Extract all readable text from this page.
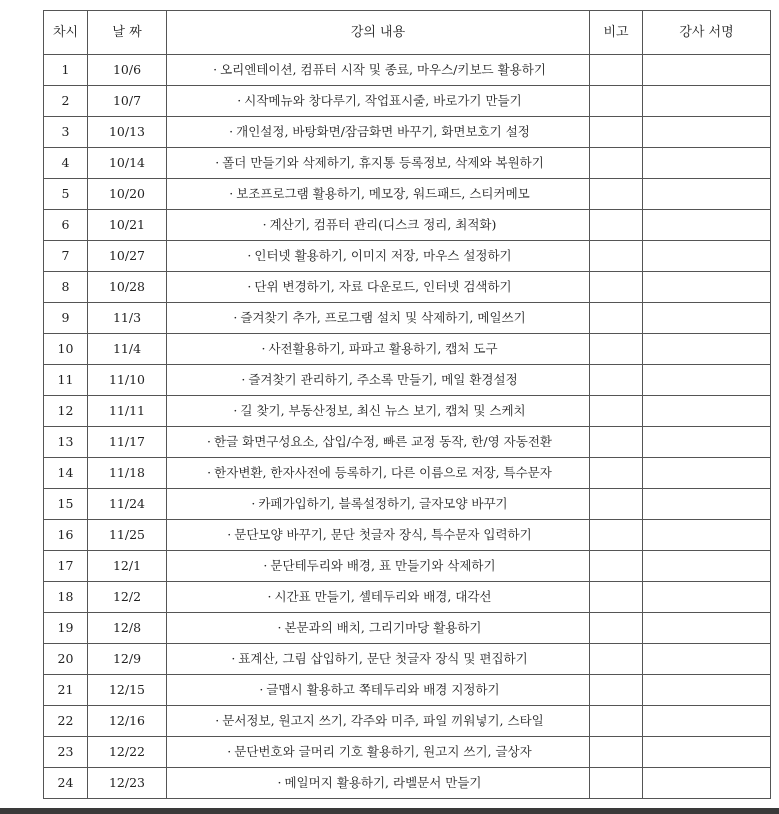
차시	날 짜	강의 내용	비고	강사 서명
1	10/6	· 오리엔테이션, 컴퓨터 시작 및 종료, 마우스/키보드 활용하기		
2	10/7	· 시작메뉴와 창다루기, 작업표시줄, 바로가기 만들기		
3	10/13	· 개인설정, 바탕화면/잠금화면 바꾸기, 화면보호기 설정		
4	10/14	· 폴더 만들기와 삭제하기, 휴지통 등록정보, 삭제와 복원하기		
5	10/20	· 보조프로그램 활용하기, 메모장, 워드패드, 스티커메모		
6	10/21	· 계산기, 컴퓨터 관리(디스크 정리, 최적화)		
7	10/27	· 인터넷 활용하기, 이미지 저장, 마우스 설정하기		
8	10/28	· 단위 변경하기, 자료 다운로드, 인터넷 검색하기		
9	11/3	· 즐겨찾기 추가, 프로그램 설치 및 삭제하기, 메일쓰기		
10	11/4	· 사전활용하기, 파파고 활용하기, 캡처 도구		
11	11/10	· 즐겨찾기 관리하기, 주소록 만들기, 메일 환경설정		
12	11/11	· 길 찾기, 부동산정보, 최신 뉴스 보기, 캡처 및 스케치		
13	11/17	· 한글 화면구성요소, 삽입/수정, 빠른 교정 동작, 한/영 자동전환		
14	11/18	· 한자변환, 한자사전에 등록하기, 다른 이름으로 저장, 특수문자		
15	11/24	· 카페가입하기, 블록설정하기, 글자모양 바꾸기		
16	11/25	· 문단모양 바꾸기, 문단 첫글자 장식, 특수문자 입력하기		
17	12/1	· 문단테두리와 배경, 표 만들기와 삭제하기		
18	12/2	· 시간표 만들기, 셀테두리와 배경, 대각선		
19	12/8	· 본문과의 배치, 그리기마당 활용하기		
20	12/9	· 표계산, 그림 삽입하기, 문단 첫글자 장식 및 편집하기		
21	12/15	· 글맵시 활용하고 쪽테두리와 배경 지정하기		
22	12/16	· 문서정보, 원고지 쓰기, 각주와 미주, 파일 끼워넣기, 스타일		
23	12/22	· 문단번호와 글머리 기호 활용하기, 원고지 쓰기, 글상자		
24	12/23	· 메일머지 활용하기, 라벨문서 만들기		
